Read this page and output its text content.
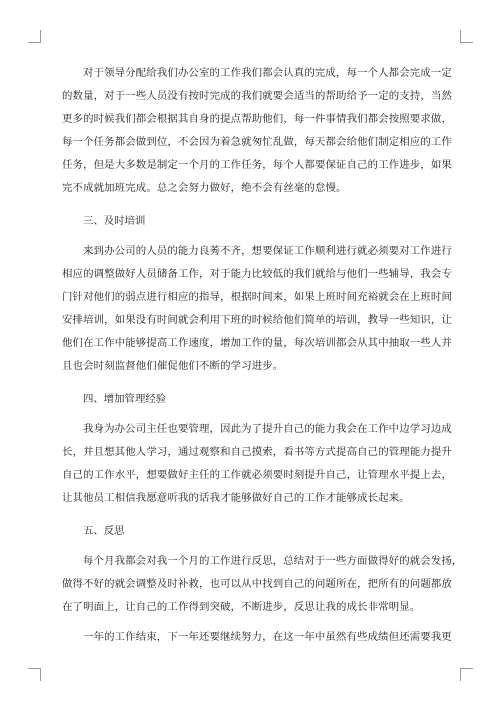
对于领导分配给我们办公室的工作我们都会认真的完成，每一个人都会完成一定
的数量，对于一些人员没有按时完成的我们就要会适当的帮助给予一定的支持，当然
更多的时候我们都会根据其自身的提点帮助他们，每一件事情我们都会按照要求做，
每一个任务都会做到位，不会因为着急就匆忙乱做，每天都会给他们制定相应的工作
任务，但是大多数是制定一个月的工作任务，每个人都要保证自己的工作进步，如果
完不成就加班完成。总之会努力做好，绝不会有丝毫的怠慢。

三、及时培训

来到办公司的人员的能力良莠不齐，想要保证工作顺利进行就必须要对工作进行
相应的调整做好人员储备工作，对于能力比较低的我们就给与他们一些辅导，我会专
门针对他们的弱点进行相应的指导，根据时间来，如果上班时间充裕就会在上班时间
安排培训，如果没有时间就会利用下班的时候给他们简单的培训，教导一些知识，让
他们在工作中能够提高工作速度，增加工作的量，每次培训都会从其中抽取一些人并
且也会时刻监督他们催促他们不断的学习进步。

四、增加管理经验

我身为办公司主任也要管理，因此为了提升自己的能力我会在工作中边学习边成
长，并且想其他人学习，通过观察和自己摸索，看书等方式提高自己的管理能力提升
自己的工作水平，想要做好主任的工作就必须要时刻提升自己，让管理水平提上去，
让其他员工相信我愿意听我的话我才能够做好自己的工作才能够成长起来。

五、反思

每个月我都会对我一个月的工作进行反思，总结对于一些方面做得好的就会发扬，
做得不好的就会调整及时补救，也可以从中找到自己的问题所在，把所有的问题都放
在了明面上，让自己的工作得到突破，不断进步，反思让我的成长非常明显。

一年的工作结束，下一年还要继续努力，在这一年中虽然有些成绩但还需要我更
